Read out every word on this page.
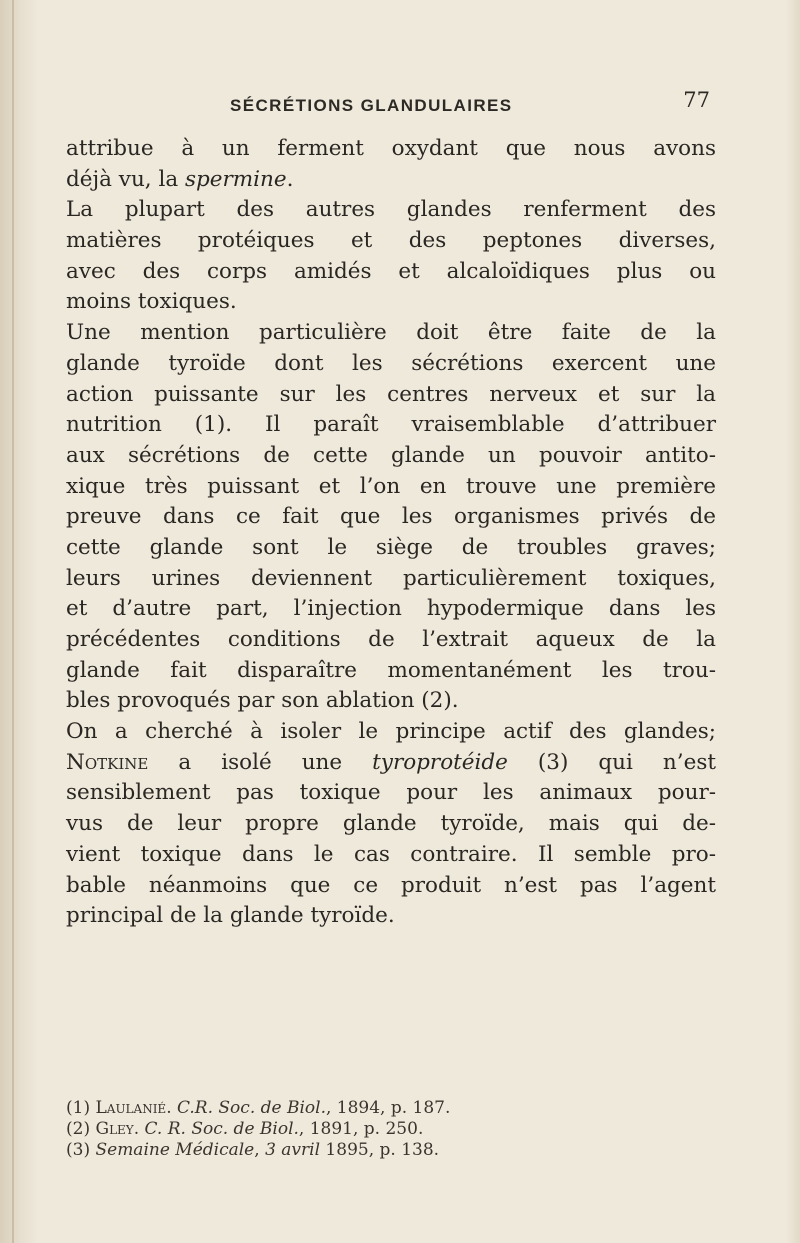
SÉCRÉTIONS GLANDULAIRES	77
attribue à un ferment oxydant que nous avons
déjà vu, la spermine.
La plupart des autres glandes renferment des
matières protéiques et des peptones diverses,
avec des corps amidés et alcaloïdiques plus ou
moins toxiques.
Une mention particulière doit être faite de la
glande tyroïde dont les sécrétions exercent une
action puissante sur les centres nerveux et sur la
nutrition (1). Il paraît vraisemblable d’attribuer
aux sécrétions de cette glande un pouvoir antito-
xique très puissant et l’on en trouve une première
preuve dans ce fait que les organismes privés de
cette glande sont le siège de troubles graves;
leurs urines deviennent particulièrement toxiques,
et d’autre part, l’injection hypodermique dans les
précédentes conditions de l’extrait aqueux de la
glande fait disparaître momentanément les trou-
bles provoqués par son ablation (2).
On a cherché à isoler le principe actif des glandes;
Notkine a isolé une tyroprotéide (3) qui n’est
sensiblement pas toxique pour les animaux pour-
vus de leur propre glande tyroïde, mais qui de-
vient toxique dans le cas contraire. Il semble pro-
bable néanmoins que ce produit n’est pas l’agent
principal de la glande tyroïde.
(1) Laulanié. C.R. Soc. de Biol., 1894, p. 187.
(2) Gley. C. R. Soc. de Biol., 1891, p. 250.
(3) Semaine Médicale, 3 avril 1895, p. 138.
